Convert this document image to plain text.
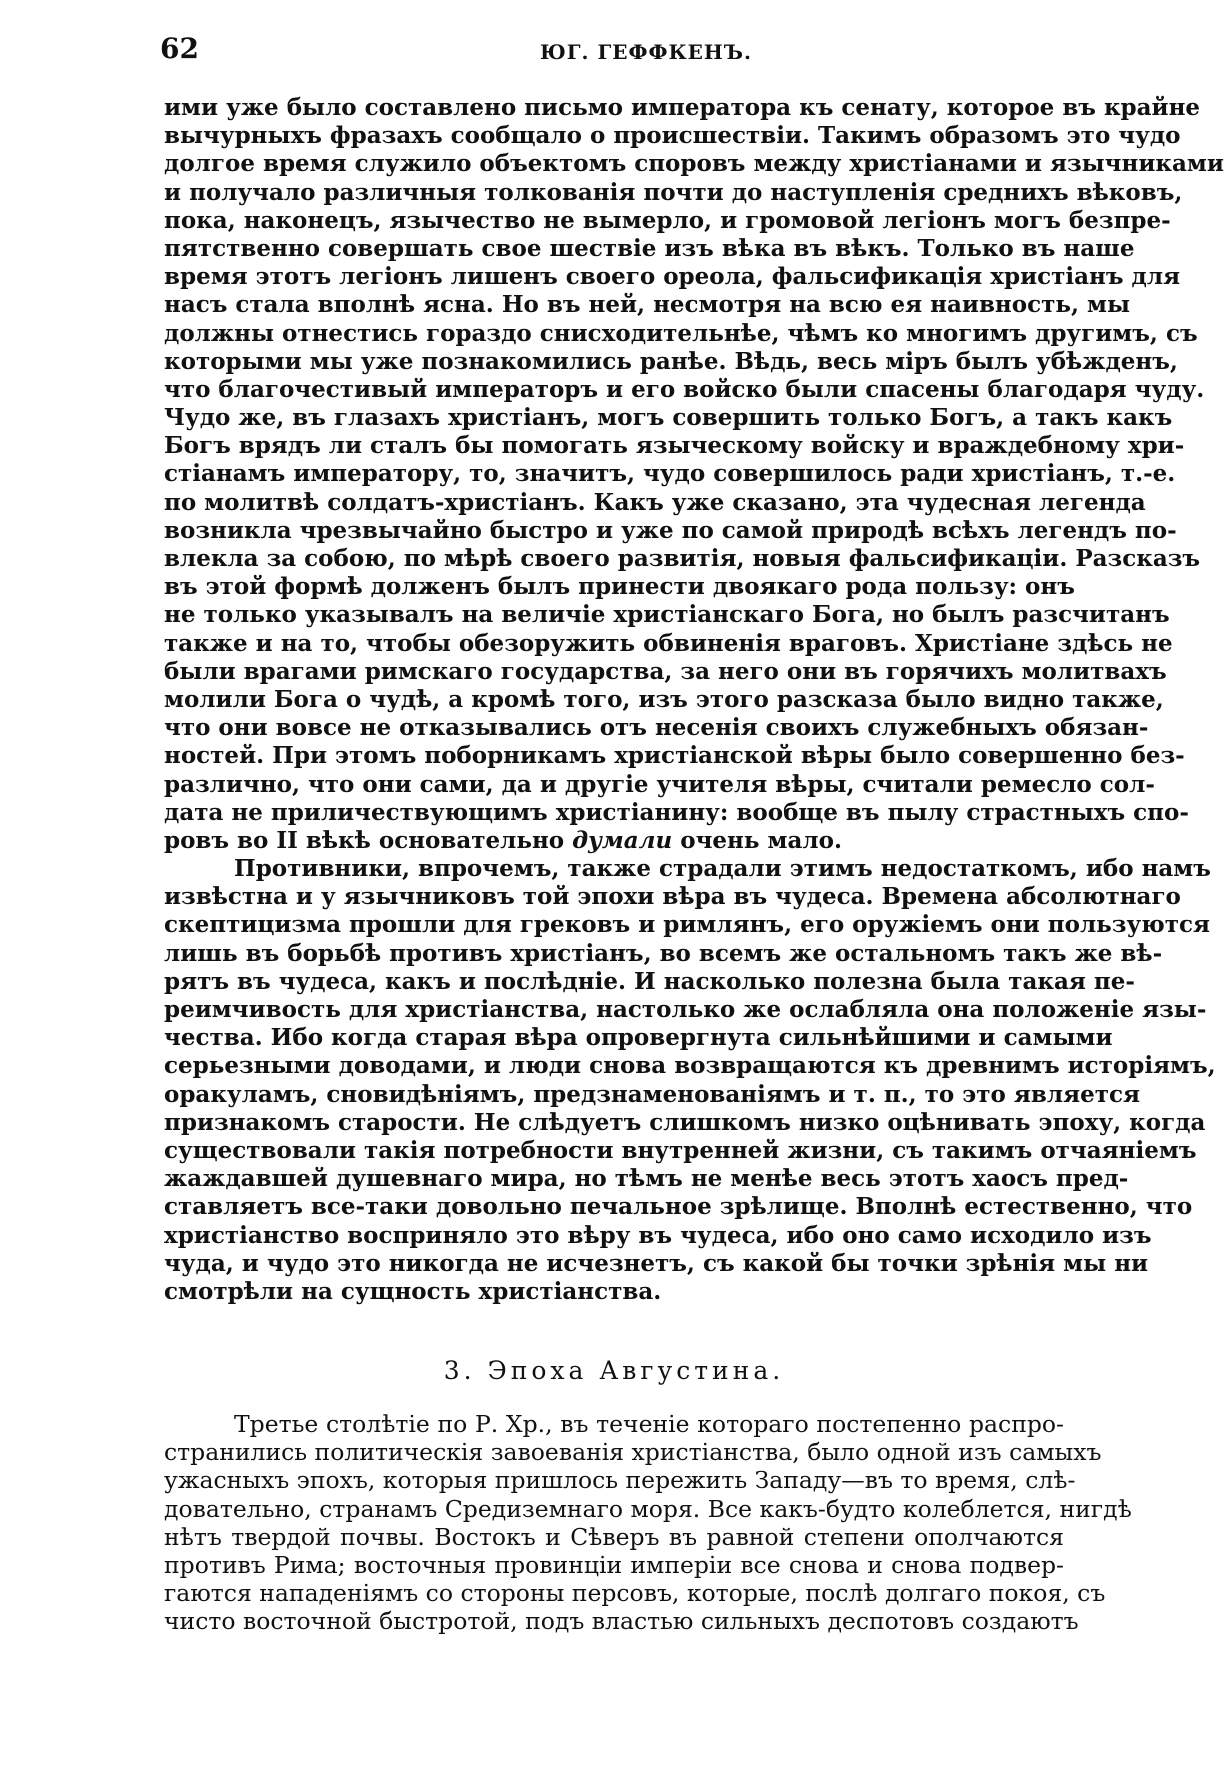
62	ЮГ. ГЕФФКЕНЪ.
ими уже было составлено письмо императора къ сенату, которое въ крайне
вычурныхъ фразахъ сообщало о происшествіи. Такимъ образомъ это чудо
долгое время служило объектомъ споровъ между христіанами и язычниками
и получало различныя толкованія почти до наступленія среднихъ вѣковъ,
пока, наконецъ, язычество не вымерло, и громовой легіонъ могъ безпре-
пятственно совершать свое шествіе изъ вѣка въ вѣкъ. Только въ наше
время этотъ легіонъ лишенъ своего ореола, фальсификація христіанъ для
насъ стала вполнѣ ясна. Но въ ней, несмотря на всю ея наивность, мы
должны отнестись гораздо снисходительнѣе, чѣмъ ко многимъ другимъ, съ
которыми мы уже познакомились ранѣе. Вѣдь, весь міръ былъ убѣжденъ,
что благочестивый императоръ и его войско были спасены благодаря чуду.
Чудо же, въ глазахъ христіанъ, могъ совершить только Богъ, а такъ какъ
Богъ врядъ ли сталъ бы помогать языческому войску и враждебному хри-
стіанамъ императору, то, значитъ, чудо совершилось ради христіанъ, т.-е.
по молитвѣ солдатъ-христіанъ. Какъ уже сказано, эта чудесная легенда
возникла чрезвычайно быстро и уже по самой природѣ всѣхъ легендъ по-
влекла за собою, по мѣрѣ своего развитія, новыя фальсификаціи. Разсказъ
въ этой формѣ долженъ былъ принести двоякаго рода пользу: онъ
не только указывалъ на величіе христіанскаго Бога, но былъ разсчитанъ
также и на то, чтобы обезоружить обвиненія враговъ. Христіане здѣсь не
были врагами римскаго государства, за него они въ горячихъ молитвахъ
молили Бога о чудѣ, а кромѣ того, изъ этого разсказа было видно также,
что они вовсе не отказывались отъ несенія своихъ служебныхъ обязан-
ностей. При этомъ поборникамъ христіанской вѣры было совершенно без-
различно, что они сами, да и другіе учителя вѣры, считали ремесло сол-
дата не приличествующимъ христіанину: вообще въ пылу страстныхъ спо-
ровъ во II вѣкѣ основательно думали очень мало.
Противники, впрочемъ, также страдали этимъ недостаткомъ, ибо намъ
извѣстна и у язычниковъ той эпохи вѣра въ чудеса. Времена абсолютнаго
скептицизма прошли для грековъ и римлянъ, его оружіемъ они пользуются
лишь въ борьбѣ противъ христіанъ, во всемъ же остальномъ такъ же вѣ-
рятъ въ чудеса, какъ и послѣдніе. И насколько полезна была такая пе-
реимчивость для христіанства, настолько же ослабляла она положеніе язы-
чества. Ибо когда старая вѣра опровергнута сильнѣйшими и самыми
серьезными доводами, и люди снова возвращаются къ древнимъ исторіямъ,
оракуламъ, сновидѣніямъ, предзнаменованіямъ и т. п., то это является
признакомъ старости. Не слѣдуетъ слишкомъ низко оцѣнивать эпоху, когда
существовали такія потребности внутренней жизни, съ такимъ отчаяніемъ
жаждавшей душевнаго мира, но тѣмъ не менѣе весь этотъ хаосъ пред-
ставляетъ все-таки довольно печальное зрѣлище. Вполнѣ естественно, что
христіанство восприняло это вѣру въ чудеса, ибо оно само исходило изъ
чуда, и чудо это никогда не исчезнетъ, съ какой бы точки зрѣнія мы ни
смотрѣли на сущность христіанства.
3. Эпоха Августина.
Третье столѣтіе по Р. Хр., въ теченіе котораго постепенно распро-
странились политическія завоеванія христіанства, было одной изъ самыхъ
ужасныхъ эпохъ, которыя пришлось пережить Западу—въ то время, слѣ-
довательно, странамъ Средиземнаго моря. Все какъ-будто колеблется, нигдѣ
нѣтъ твердой почвы. Востокъ и Сѣверъ въ равной степени ополчаются
противъ Рима; восточныя провинціи имперіи все снова и снова подвер-
гаются нападеніямъ со стороны персовъ, которые, послѣ долгаго покоя, съ
чисто восточной быстротой, подъ властью сильныхъ деспотовъ создаютъ
